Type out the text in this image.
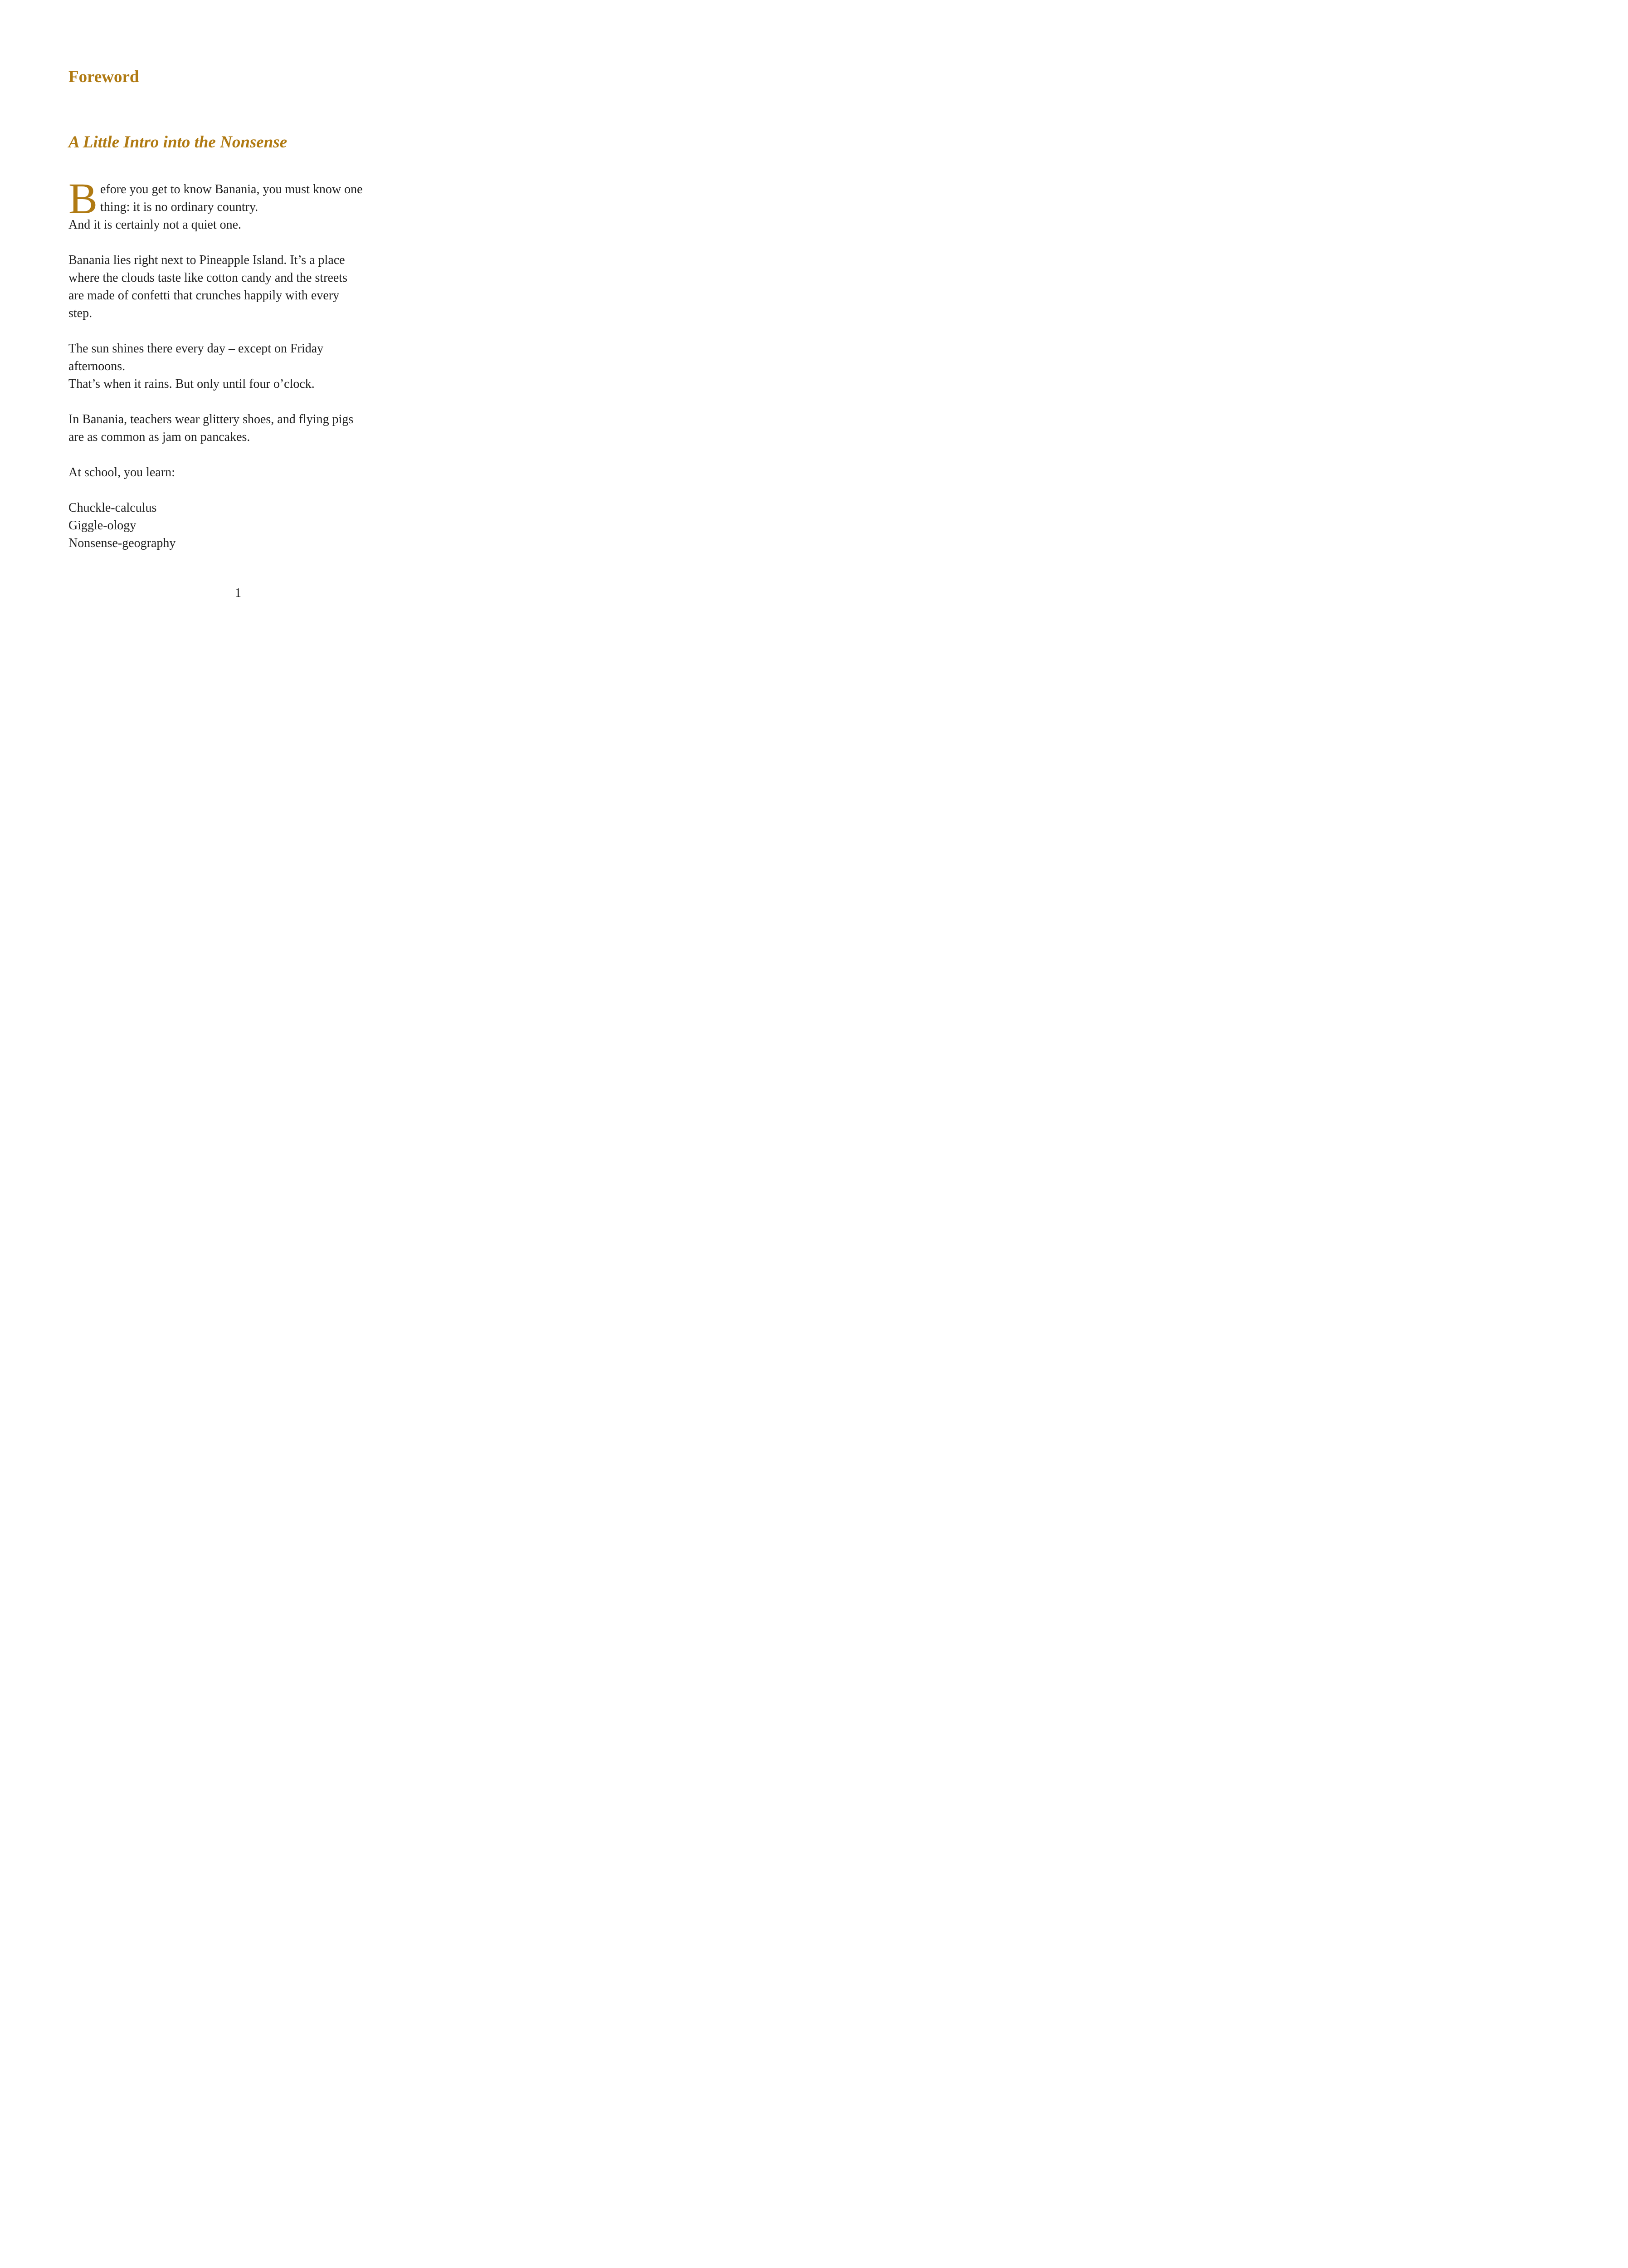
Foreword
A Little Intro into the Nonsense

B efore you get to know Banania, you must know one
thing: it is no ordinary country.
And it is certainly not a quiet one.

Banania lies right next to Pineapple Island. It’s a place
where the clouds taste like cotton candy and the streets
are made of confetti that crunches happily with every
step.

The sun shines there every day – except on Friday
afternoons.
That’s when it rains. But only until four o’clock.

In Banania, teachers wear glittery shoes, and flying pigs
are as common as jam on pancakes.

At school, you learn:

Chuckle-calculus
Giggle-ology
Nonsense-geography

1
